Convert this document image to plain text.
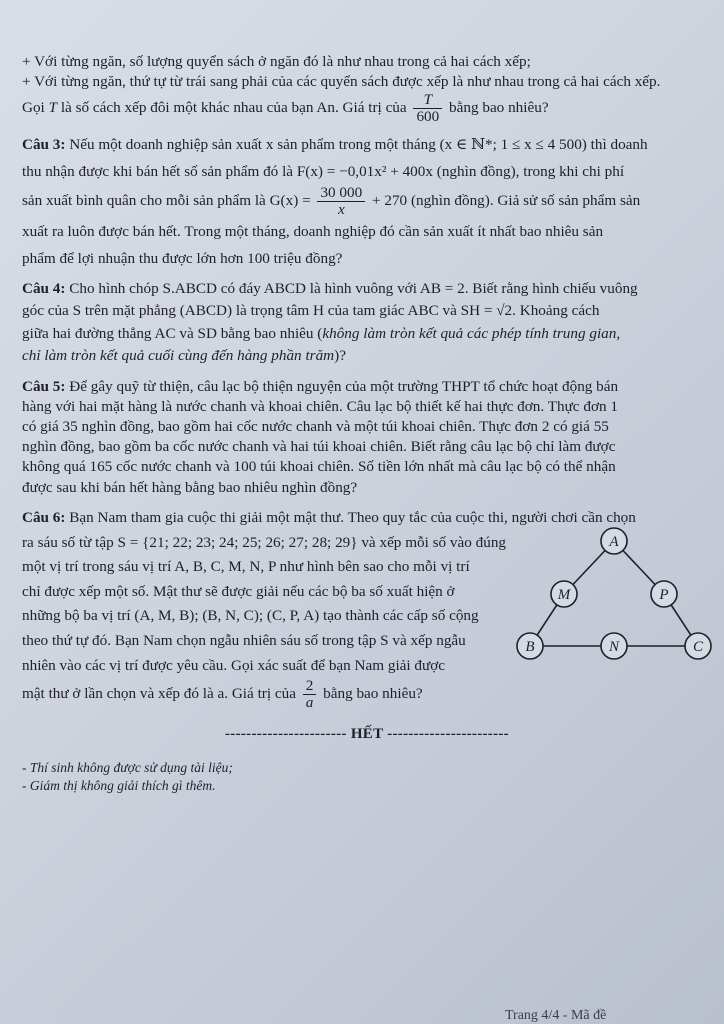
+ Với từng ngăn, số lượng quyển sách ở ngăn đó là như nhau trong cả hai cách xếp;

+ Với từng ngăn, thứ tự từ trái sang phải của các quyển sách được xếp là như nhau trong cả hai cách xếp.

Gọi T là số cách xếp đôi một khác nhau của bạn An. Giá trị của $\frac{T}{600}$ bằng bao nhiêu?

Câu 3: Nếu một doanh nghiệp sản xuất x sản phẩm trong một tháng (x ∈ ℕ*; 1 ≤ x ≤ 4 500) thì doanh

thu nhận được khi bán hết số sản phẩm đó là F(x) = −0,01x² + 400x (nghìn đồng), trong khi chi phí

sản xuất bình quân cho mỗi sản phẩm là $G(x) = \frac{30 000}{x} + 270$ (nghìn đồng). Giả sử số sản phẩm sản

xuất ra luôn được bán hết. Trong một tháng, doanh nghiệp đó cần sản xuất ít nhất bao nhiêu sản

phẩm để lợi nhuận thu được lớn hơn 100 triệu đồng?

Câu 4: Cho hình chóp S.ABCD có đáy ABCD là hình vuông với AB = 2. Biết rằng hình chiếu vuông

góc của S trên mặt phẳng (ABCD) là trọng tâm H của tam giác ABC và SH = √2. Khoảng cách

giữa hai đường thẳng AC và SD bằng bao nhiêu (không làm tròn kết quả các phép tính trung gian,

chỉ làm tròn kết quả cuối cùng đến hàng phần trăm)?

Câu 5: Để gây quỹ từ thiện, câu lạc bộ thiện nguyện của một trường THPT tổ chức hoạt động bán

hàng với hai mặt hàng là nước chanh và khoai chiên. Câu lạc bộ thiết kế hai thực đơn. Thực đơn 1

có giá 35 nghìn đồng, bao gồm hai cốc nước chanh và một túi khoai chiên. Thực đơn 2 có giá 55

nghìn đồng, bao gồm ba cốc nước chanh và hai túi khoai chiên. Biết rằng câu lạc bộ chỉ làm được

không quá 165 cốc nước chanh và 100 túi khoai chiên. Số tiền lớn nhất mà câu lạc bộ có thể nhận

được sau khi bán hết hàng bằng bao nhiêu nghìn đồng?

Câu 6: Bạn Nam tham gia cuộc thi giải một mật thư. Theo quy tắc của cuộc thi, người chơi cần chọn

ra sáu số từ tập S = {21; 22; 23; 24; 25; 26; 27; 28; 29} và xếp mỗi số vào đúng

một vị trí trong sáu vị trí A, B, C, M, N, P như hình bên sao cho mỗi vị trí

chỉ được xếp một số. Mật thư sẽ được giải nếu các bộ ba số xuất hiện ở

những bộ ba vị trí (A, M, B); (B, N, C); (C, P, A) tạo thành các cấp số cộng

theo thứ tự đó. Bạn Nam chọn ngẫu nhiên sáu số trong tập S và xếp ngẫu

nhiên vào các vị trí được yêu cầu. Gọi xác suất để bạn Nam giải được

mật thư ở lần chọn và xếp đó là a. Giá trị của $\frac{2}{a}$ bằng bao nhiêu?

A
M	P
B	N	C
----------------------- HẾT -----------------------

- Thí sinh không được sử dụng tài liệu;

- Giám thị không giải thích gì thêm.

Trang 4/4 - Mã đề
